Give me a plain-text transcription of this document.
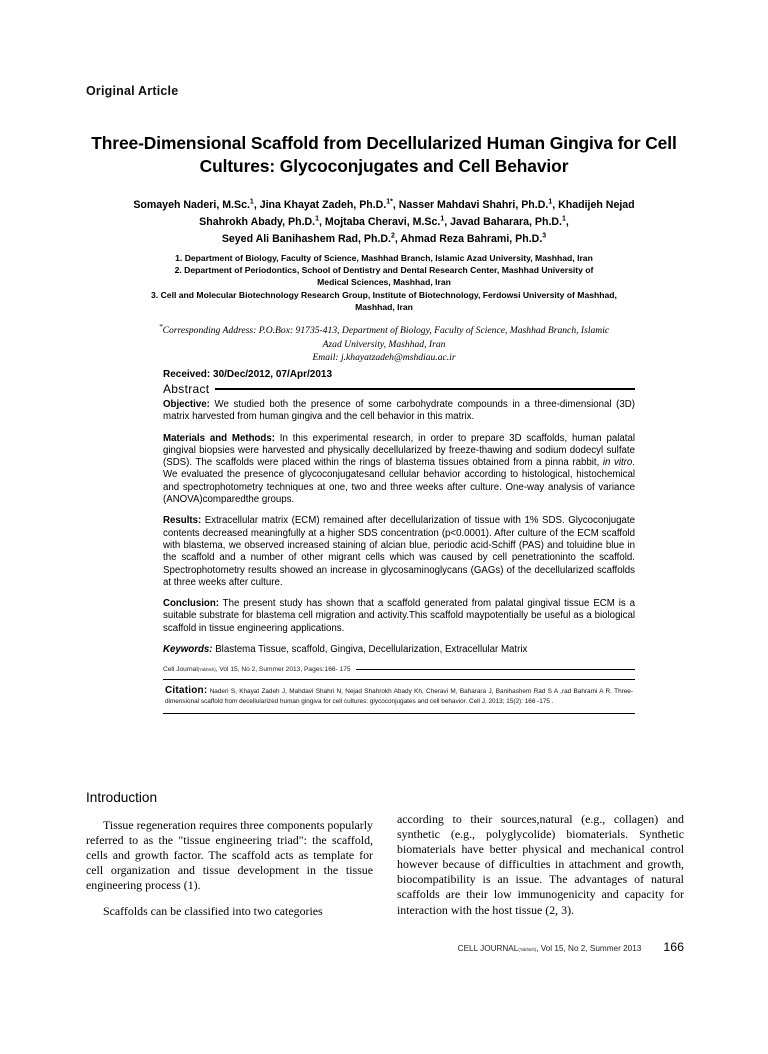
Original Article
Three-Dimensional Scaffold from Decellularized Human Gingiva for Cell Cultures: Glycoconjugates and Cell Behavior
Somayeh Naderi, M.Sc.$^1$, Jina Khayat Zadeh, Ph.D.$^{1*}$, Nasser Mahdavi Shahri, Ph.D.$^1$, Khadijeh Nejad
Shahrokh Abady, Ph.D.$^1$, Mojtaba Cheravi, M.Sc.$^1$, Javad Baharara, Ph.D.$^1$,
Seyed Ali Banihashem Rad, Ph.D.$^2$, Ahmad Reza Bahrami, Ph.D.$^3$
1. Department of Biology, Faculty of Science, Mashhad Branch, Islamic Azad University, Mashhad, Iran
2. Department of Periodontics, School of Dentistry and Dental Research Center, Mashhad University of
Medical Sciences, Mashhad, Iran
3. Cell and Molecular Biotechnology Research Group, Institute of Biotechnology, Ferdowsi University of Mashhad,
Mashhad, Iran
*Corresponding Address: P.O.Box: 91735-413, Department of Biology, Faculty of Science, Mashhad Branch, Islamic
Azad University, Mashhad, Iran
Email: j.khayatzadeh@mshdiau.ac.ir
Received: 30/Dec/2012, 07/Apr/2013
Abstract

Objective: We studied both the presence of some carbohydrate compounds in a three-dimensional (3D) matrix harvested from human gingiva and the cell behavior in this matrix.

Materials and Methods: In this experimental research, in order to prepare 3D scaffolds, human palatal gingival biopsies were harvested and physically decellularized by freeze-thawing and sodium dodecyl sulfate (SDS). The scaffolds were placed within the rings of blastema tissues obtained from a pinna rabbit, in vitro. We evaluated the presence of glycoconjugatesand cellular behavior according to histological, histochemical and spectrophotometry techniques at one, two and three weeks after culture. One-way analysis of variance (ANOVA)comparedthe groups.

Results: Extracellular matrix (ECM) remained after decellularization of tissue with 1% SDS. Glycoconjugate contents decreased meaningfully at a higher SDS concentration (p<0.0001). After culture of the ECM scaffold with blastema, we observed increased staining of alcian blue, periodic acid-Schiff (PAS) and toluidine blue in the scaffold and a number of other migrant cells which was caused by cell penetrationinto the scaffold. Spectrophotometry results showed an increase in glycosaminoglycans (GAGs) of the decellularized scaffolds at three weeks after culture.

Conclusion: The present study has shown that a scaffold generated from palatal gingival tissue ECM is a suitable substrate for blastema cell migration and activity.This scaffold maypotentially be useful as a biological scaffold in tissue engineering applications.

Keywords: Blastema Tissue, scaffold, Gingiva, Decellularization, Extracellular Matrix

Cell Journal(Yakhteh), Vol 15, No 2, Summer 2013, Pages:166- 175
Citation: Naderi S, Khayat Zadeh J, Mahdavi Shahri N, Nejad Shahrokh Abady Kh, Cheravi M, Baharara J, Banihashem Rad S A ,rad Bahrami A R. Three-dimensional scaffold from decellularized human gingiva for cell cultures: glycoconjugates and cell behavior. Cell J. 2013; 15(2): 166 -175 .
Introduction

Tissue regeneration requires three components popularly referred to as the "tissue engineering triad": the scaffold, cells and growth factor. The scaffold acts as template for cell organization and tissue development in the tissue engineering process (1).

Scaffolds can be classified into two categories

according to their sources,natural (e.g., collagen) and synthetic (e.g., polyglycolide) biomaterials. Synthetic biomaterials have better physical and mechanical control however because of difficulties in attachment and growth, biocompatibility is an issue. The advantages of natural scaffolds are their low immunogenicity and capacity for interaction with the host tissue (2, 3).

CELL JOURNAL(Yakhteh), Vol 15, No 2, Summer 2013 166
